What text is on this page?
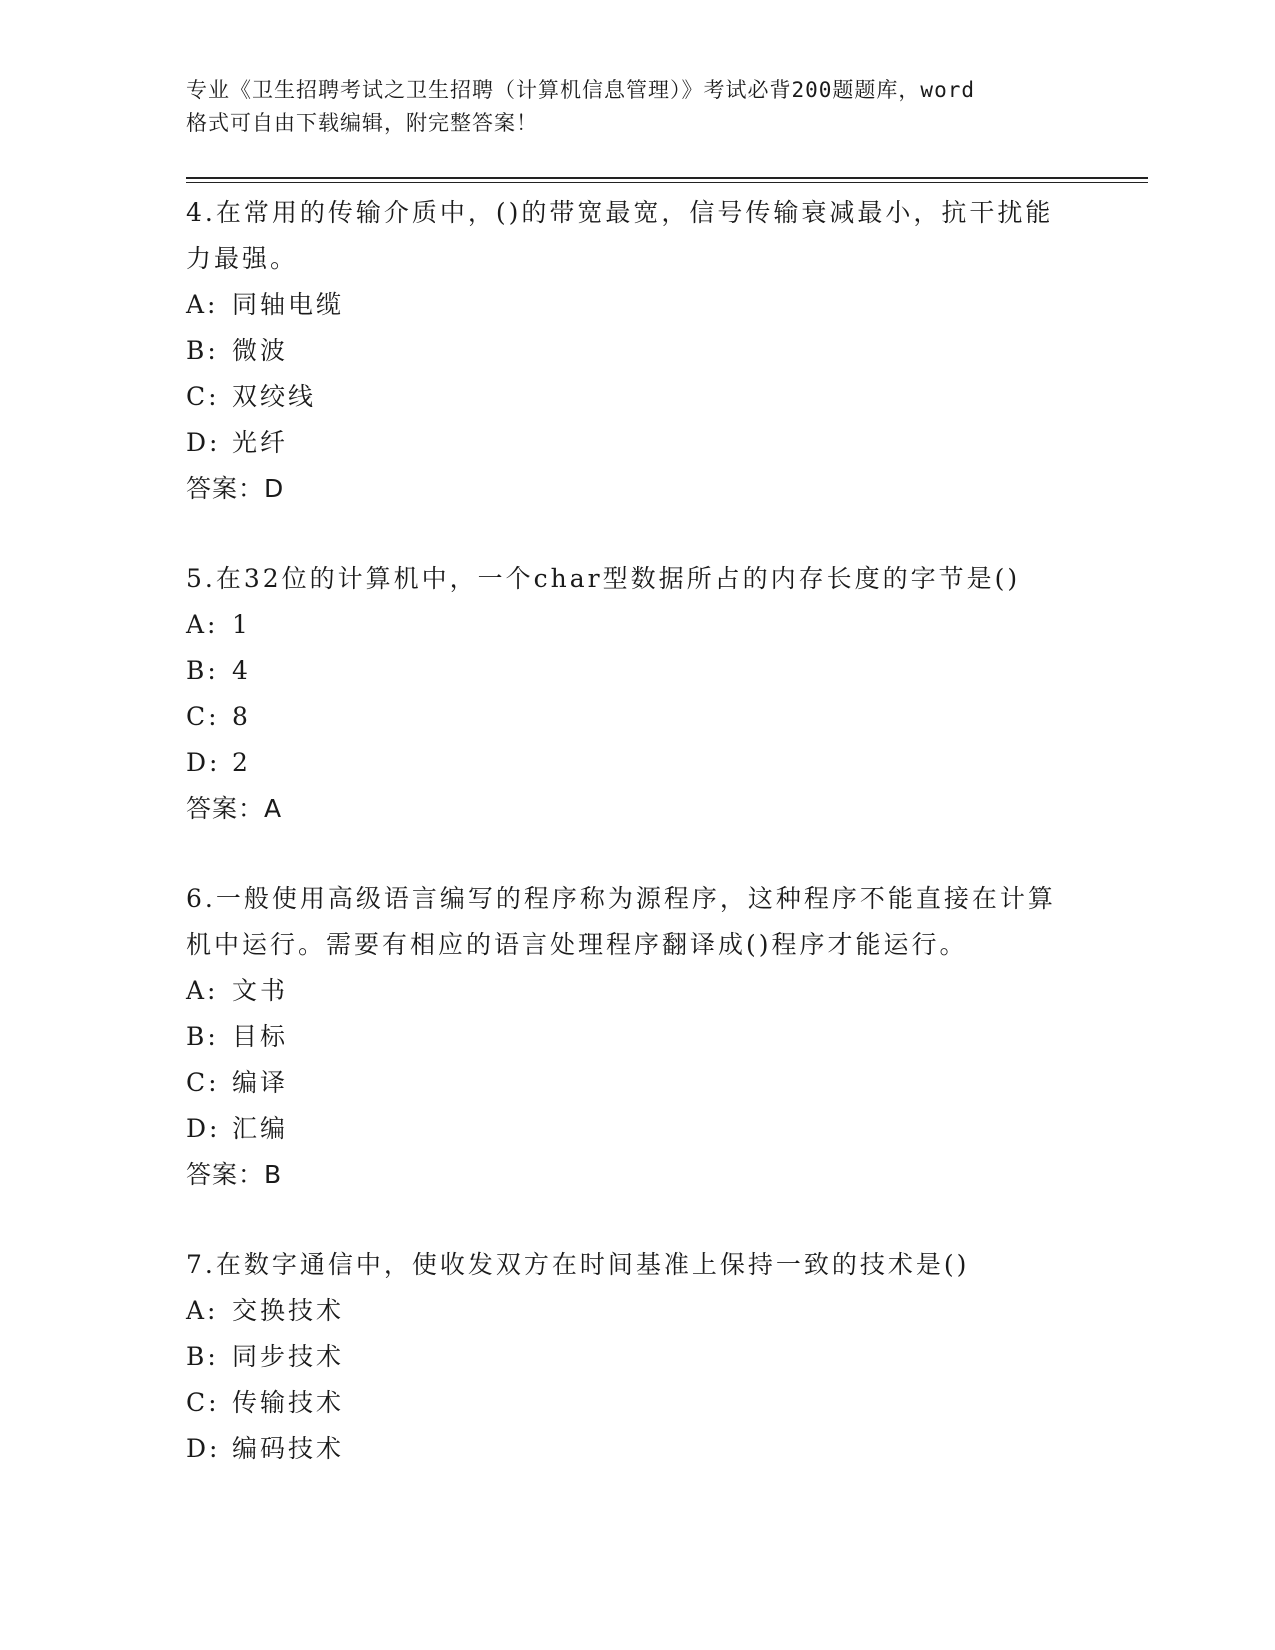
专业《卫生招聘考试之卫生招聘（计算机信息管理）》考试必背200题题库，word
格式可自由下载编辑，附完整答案！

4.在常用的传输介质中，()的带宽最宽，信号传输衰减最小，抗干扰能力最强。

A: 同轴电缆

B: 微波

C: 双绞线

D: 光纤

答案：D

5.在32位的计算机中，一个char型数据所占的内存长度的字节是()

A: 1

B: 4

C: 8

D: 2

答案：A

6.一般使用高级语言编写的程序称为源程序，这种程序不能直接在计算机中运行。需要有相应的语言处理程序翻译成()程序才能运行。

A: 文书

B: 目标

C: 编译

D: 汇编

答案：B

7.在数字通信中，使收发双方在时间基准上保持一致的技术是()

A: 交换技术

B: 同步技术

C: 传输技术

D: 编码技术
